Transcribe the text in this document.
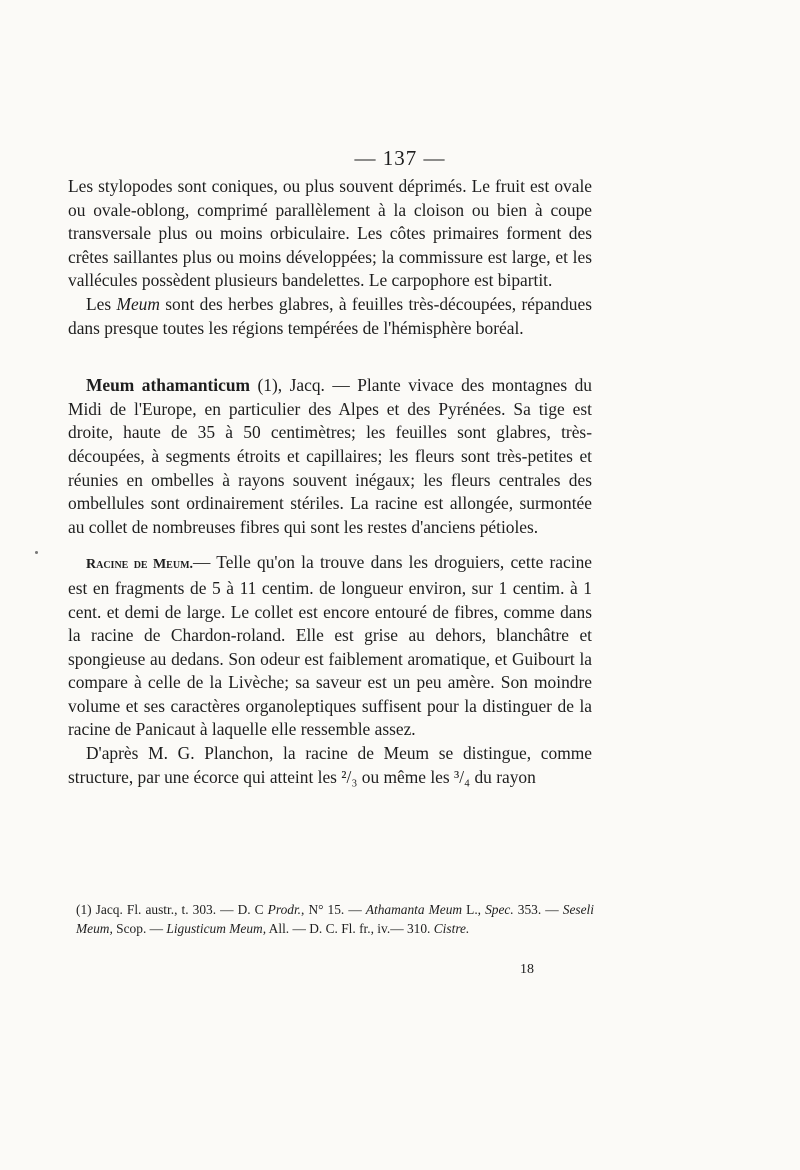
— 137 —

Les stylopodes sont coniques, ou plus souvent déprimés. Le fruit est ovale ou ovale-oblong, comprimé parallèlement à la cloison ou bien à coupe transversale plus ou moins orbiculaire. Les côtes primaires forment des crêtes saillantes plus ou moins développées; la commissure est large, et les vallécules possèdent plusieurs bandelettes. Le carpophore est bipartit.

Les Meum sont des herbes glabres, à feuilles très-découpées, répandues dans presque toutes les régions tempérées de l'hémisphère boréal.

Meum athamanticum (1), Jacq. — Plante vivace des montagnes du Midi de l'Europe, en particulier des Alpes et des Pyrénées. Sa tige est droite, haute de 35 à 50 centimètres; les feuilles sont glabres, très-découpées, à segments étroits et capillaires; les fleurs sont très-petites et réunies en ombelles à rayons souvent inégaux; les fleurs centrales des ombellules sont ordinairement stériles. La racine est allongée, surmontée au collet de nombreuses fibres qui sont les restes d'anciens pétioles.

Racine de Meum.— Telle qu'on la trouve dans les droguiers, cette racine est en fragments de 5 à 11 centim. de longueur environ, sur 1 centim. à 1 cent. et demi de large. Le collet est encore entouré de fibres, comme dans la racine de Chardon-roland. Elle est grise au dehors, blanchâtre et spongieuse au dedans. Son odeur est faiblement aromatique, et Guibourt la compare à celle de la Livèche; sa saveur est un peu amère. Son moindre volume et ses caractères organoleptiques suffisent pour la distinguer de la racine de Panicaut à laquelle elle ressemble assez.

D'après M. G. Planchon, la racine de Meum se distingue, comme structure, par une écorce qui atteint les ²/₃ ou même les ³/₄ du rayon

(1) Jacq. Fl. austr., t. 303. — D. C Prodr., N° 15. — Athamanta Meum L., Spec. 353. — Seseli Meum, Scop. — Ligusticum Meum, All. — D. C. Fl. fr., iv.— 310. Cistre.
18
